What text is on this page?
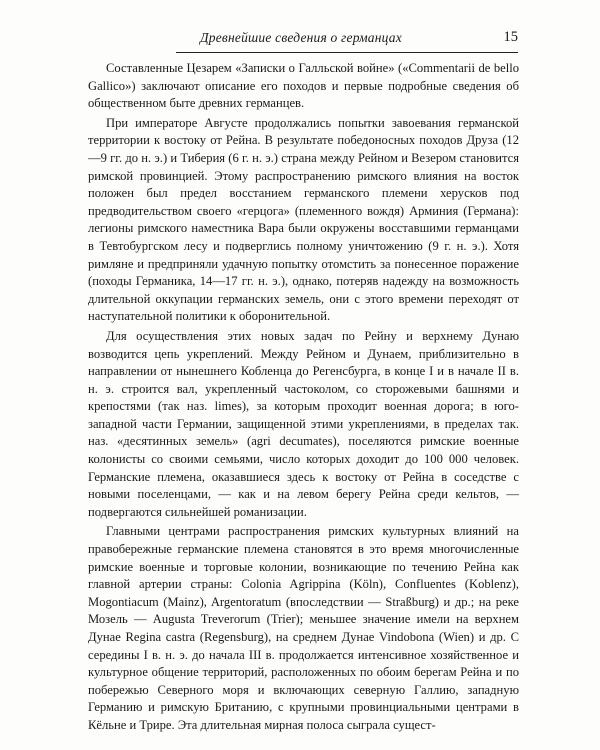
Древнейшие сведения о германцах	15

Составленные Цезарем «Записки о Галльской войне» («Commentarii de bello Gallico») заключают описание его походов и первые подробные сведения об общественном быте древних германцев.

При императоре Августе продолжались попытки завоевания германской территории к востоку от Рейна. В результате победоносных походов Друза (12—9 гг. до н. э.) и Тиберия (6 г. н. э.) страна между Рейном и Везером становится римской провинцией. Этому распространению римского влияния на восток положен был предел восстанием германского племени херусков под предводительством своего «герцога» (племенного вождя) Арминия (Германа): легионы римского наместника Вара были окружены восставшими германцами в Тевтобургском лесу и подверглись полному уничтожению (9 г. н. э.). Хотя римляне и предприняли удачную попытку отомстить за понесенное поражение (походы Германика, 14—17 гг. н. э.), однако, потеряв надежду на возможность длительной оккупации германских земель, они с этого времени переходят от наступательной политики к оборонительной.

Для осуществления этих новых задач по Рейну и верхнему Дунаю возводится цепь укреплений. Между Рейном и Дунаем, приблизительно в направлении от нынешнего Кобленца до Регенсбурга, в конце I и в начале II в. н. э. строится вал, укрепленный частоколом, со сторожевыми башнями и крепостями (так наз. limes), за которым проходит военная дорога; в юго-западной части Германии, защищенной этими укреплениями, в пределах так. наз. «десятинных земель» (agri decumates), поселяются римские военные колонисты со своими семьями, число которых доходит до 100 000 человек. Германские племена, оказавшиеся здесь к востоку от Рейна в соседстве с новыми поселенцами, — как и на левом берегу Рейна среди кельтов, — подвергаются сильнейшей романизации.

Главными центрами распространения римских культурных влияний на правобережные германские племена становятся в это время многочисленные римские военные и торговые колонии, возникающие по течению Рейна как главной артерии страны: Colonia Agrippina (Köln), Confluentes (Koblenz), Mogontiacum (Mainz), Argentoratum (впоследствии — Straßburg) и др.; на реке Мозель — Augusta Treverorum (Trier); меньшее значение имели на верхнем Дунае Regina castra (Regensburg), на среднем Дунае Vindobona (Wien) и др. С середины I в. н. э. до начала III в. продолжается интенсивное хозяйственное и культурное общение территорий, расположенных по обоим берегам Рейна и по побережью Северного моря и включающих северную Галлию, западную Германию и римскую Британию, с крупными провинциальными центрами в Кёльне и Трире. Эта длительная мирная полоса сыграла сущест-
